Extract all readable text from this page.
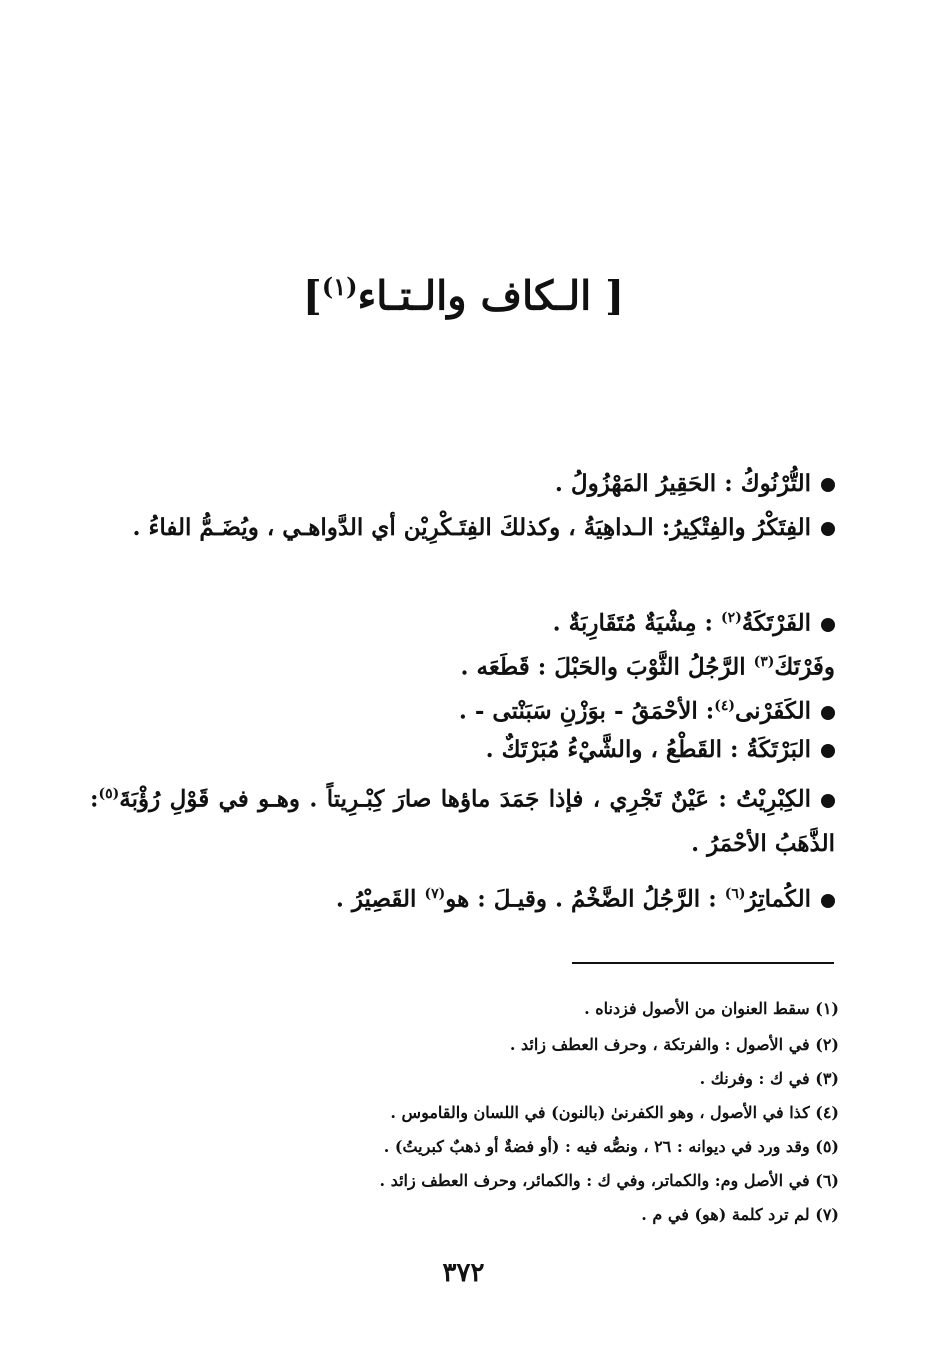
[ الـكاف والـتـاء$^{(١)}$]
التُّرْنُوكُ : الحَقِيرُ المَهْزُولُ .
الفِتَكْرُ والفِتْكِيرُ: الـداهِيَةُ ، وكذلكَ الفِتَـكْرِيْن أي الدَّواهـي ، ويُضَـمُّ الفاءُ .
الفَرْتَكَةُ$^{(٢)}$ : مِشْيَةٌ مُتَقَارِبَةٌ .
وفَرْتَكَ$^{(٣)}$ الرَّجُلُ الثَّوْبَ والحَبْلَ : قَطَعَه .
الكَفَرْنى$^{(٤)}$: الأحْمَقُ - بوَزْنِ سَبَنْتى - .
البَرْتَكَةُ : القَطْعُ ، والشَّيْءُ مُبَرْتَكٌ .
الكِبْرِيْتُ : عَيْنٌ تَجْرِي ، فإذا جَمَدَ ماؤها صارَ كِبْـرِيتاً . وهـو في قَوْلِ رُؤْبَةَ$^{(٥)}$: الذَّهَبُ الأحْمَرُ .
الكُماتِرُ$^{(٦)}$ : الرَّجُلُ الضَّخْمُ . وقيـلَ : هو$^{(٧)}$ القَصِيْرُ .
(١) سقط العنوان من الأصول فزدناه .
(٢) في الأصول : والفرتكة ، وحرف العطف زائد .
(٣) في ك : وفرنك .
(٤) كذا في الأصول ، وهو الكفرنىٰ (بالنون) في اللسان والقاموس .
(٥) وقد ورد في ديوانه : ٢٦ ، ونصُّه فيه : (أو فضةٌ أو ذهبٌ كبريتُ) .
(٦) في الأصل وم: والكماتر، وفي ك : والكمائر، وحرف العطف زائد .
(٧) لم ترد كلمة (هو) في م .
٣٧٢
